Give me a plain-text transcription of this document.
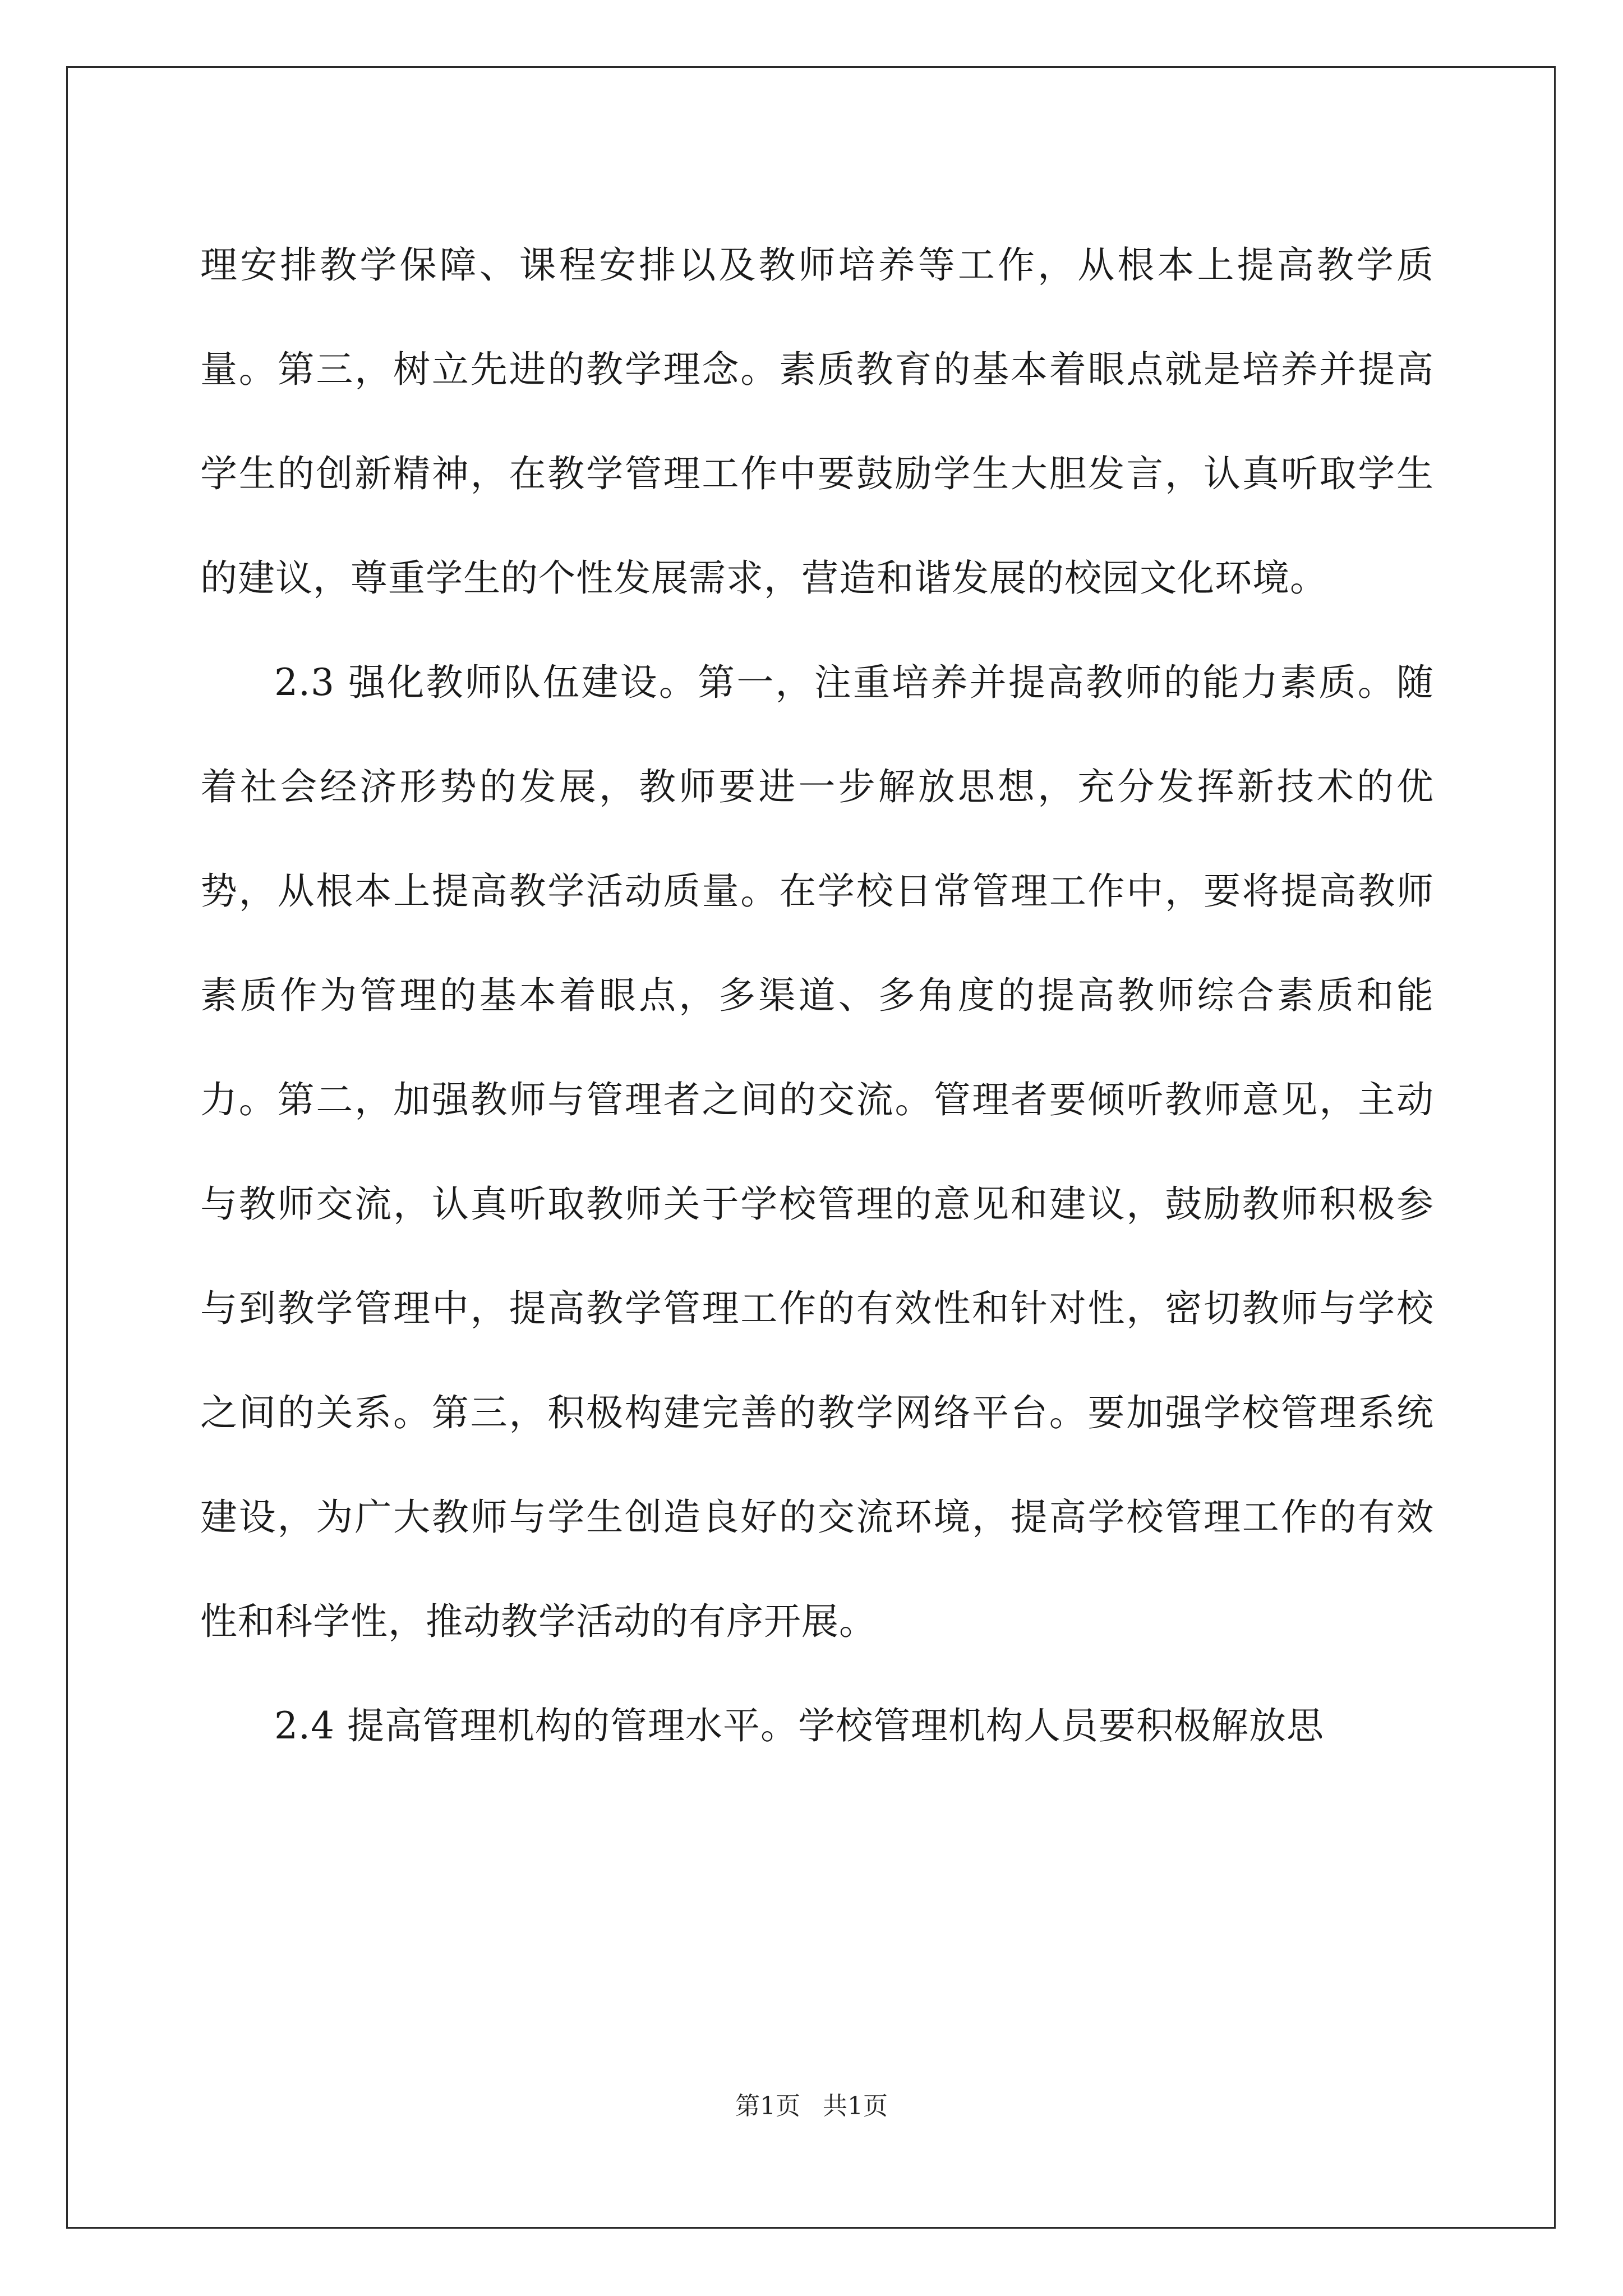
理安排教学保障、课程安排以及教师培养等工作，从根本上提高教学质量。第三，树立先进的教学理念。素质教育的基本着眼点就是培养并提高学生的创新精神，在教学管理工作中要鼓励学生大胆发言，认真听取学生的建议，尊重学生的个性发展需求，营造和谐发展的校园文化环境。

2.3 强化教师队伍建设。第一，注重培养并提高教师的能力素质。随着社会经济形势的发展，教师要进一步解放思想，充分发挥新技术的优势，从根本上提高教学活动质量。在学校日常管理工作中，要将提高教师素质作为管理的基本着眼点，多渠道、多角度的提高教师综合素质和能力。第二，加强教师与管理者之间的交流。管理者要倾听教师意见，主动与教师交流，认真听取教师关于学校管理的意见和建议，鼓励教师积极参与到教学管理中，提高教学管理工作的有效性和针对性，密切教师与学校之间的关系。第三，积极构建完善的教学网络平台。要加强学校管理系统建设，为广大教师与学生创造良好的交流环境，提高学校管理工作的有效性和科学性，推动教学活动的有序开展。

2.4 提高管理机构的管理水平。学校管理机构人员要积极解放思

第1页 共1页
